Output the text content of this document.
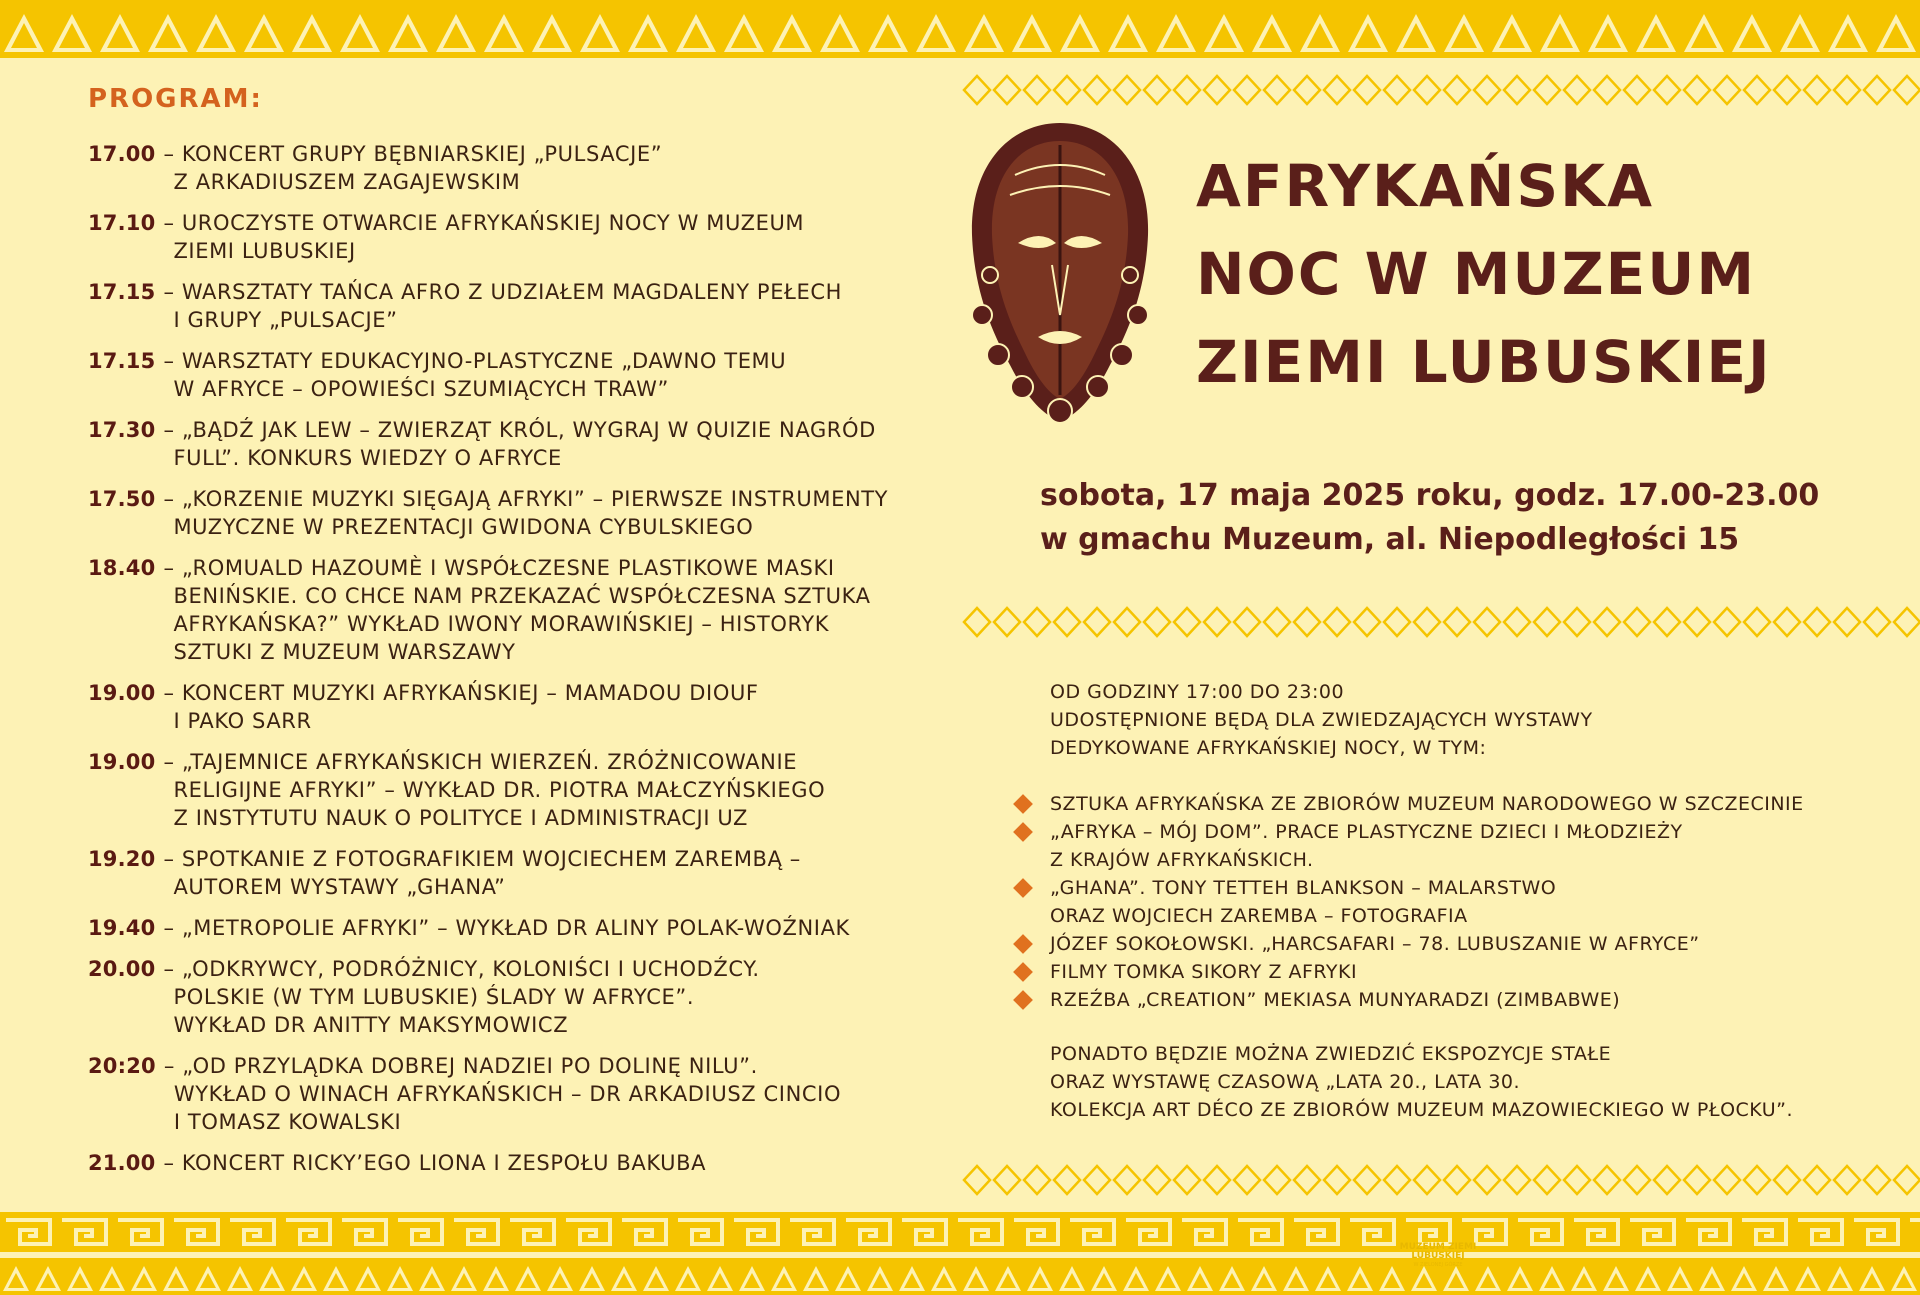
PROGRAM:
17.00 – KONCERT GRUPY BĘBNIARSKIEJ „PULSACJE”
Z ARKADIUSZEM ZAGAJEWSKIM
17.10 – UROCZYSTE OTWARCIE AFRYKAŃSKIEJ NOCY W MUZEUM
ZIEMI LUBUSKIEJ
17.15 – WARSZTATY TAŃCA AFRO Z UDZIAŁEM MAGDALENY PEŁECH
I GRUPY „PULSACJE”
17.15 – WARSZTATY EDUKACYJNO-PLASTYCZNE „DAWNO TEMU
W AFRYCE – OPOWIEŚCI SZUMIĄCYCH TRAW”
17.30 – „BĄDŹ JAK LEW – ZWIERZĄT KRÓL, WYGRAJ W QUIZIE NAGRÓD
FULL”. KONKURS WIEDZY O AFRYCE
17.50 – „KORZENIE MUZYKI SIĘGAJĄ AFRYKI” – PIERWSZE INSTRUMENTY
MUZYCZNE W PREZENTACJI GWIDONA CYBULSKIEGO
18.40 – „ROMUALD HAZOUMÈ I WSPÓŁCZESNE PLASTIKOWE MASKI
BENIŃSKIE. CO CHCE NAM PRZEKAZAĆ WSPÓŁCZESNA SZTUKA
AFRYKAŃSKA?” WYKŁAD IWONY MORAWIŃSKIEJ – HISTORYK
SZTUKI Z MUZEUM WARSZAWY
19.00 – KONCERT MUZYKI AFRYKAŃSKIEJ – MAMADOU DIOUF
I PAKO SARR
19.00 – „TAJEMNICE AFRYKAŃSKICH WIERZEŃ. ZRÓŻNICOWANIE
RELIGIJNE AFRYKI” – WYKŁAD DR. PIOTRA MAŁCZYŃSKIEGO
Z INSTYTUTU NAUK O POLITYCE I ADMINISTRACJI UZ
19.20 – SPOTKANIE Z FOTOGRAFIKIEM WOJCIECHEM ZAREMBĄ –
AUTOREM WYSTAWY „GHANA”
19.40 – „METROPOLIE AFRYKI” – WYKŁAD DR ALINY POLAK-WOŹNIAK
20.00 – „ODKRYWCY, PODRÓŻNICY, KOLONIŚCI I UCHODŹCY.
POLSKIE (W TYM LUBUSKIE) ŚLADY W AFRYCE”.
WYKŁAD DR ANITTY MAKSYMOWICZ
20:20 – „OD PRZYLĄDKA DOBREJ NADZIEI PO DOLINĘ NILU”.
WYKŁAD O WINACH AFRYKAŃSKICH – DR ARKADIUSZ CINCIO
I TOMASZ KOWALSKI
21.00 – KONCERT RICKY’EGO LIONA I ZESPOŁU BAKUBA
AFRYKAŃSKA
NOC W MUZEUM
ZIEMI LUBUSKIEJ
sobota, 17 maja 2025 roku, godz. 17.00-23.00
w gmachu Muzeum, al. Niepodległości 15
OD GODZINY 17:00 DO 23:00
UDOSTĘPNIONE BĘDĄ DLA ZWIEDZAJĄCYCH WYSTAWY
DEDYKOWANE AFRYKAŃSKIEJ NOCY, W TYM:
SZTUKA AFRYKAŃSKA ZE ZBIORÓW MUZEUM NARODOWEGO W SZCZECINIE
„AFRYKA – MÓJ DOM”. PRACE PLASTYCZNE DZIECI I MŁODZIEŻY
Z KRAJÓW AFRYKAŃSKICH.
„GHANA”. TONY TETTEH BLANKSON – MALARSTWO
ORAZ WOJCIECH ZAREMBA – FOTOGRAFIA
JÓZEF SOKOŁOWSKI. „HARCSAFARI – 78. LUBUSZANIE W AFRYCE”
FILMY TOMKA SIKORY Z AFRYKI
RZEŹBA „CREATION” MEKIASA MUNYARADZI (ZIMBABWE)
PONADTO BĘDZIE MOŻNA ZWIEDZIĆ EKSPOZYCJE STAŁE
ORAZ WYSTAWĘ CZASOWĄ „LATA 20., LATA 30.
KOLEKCJA ART DÉCO ZE ZBIORÓW MUZEUM MAZOWIECKIEGO W PŁOCKU”.
MUZEUM ZIEMI LUBUSKIEJ
W ZIELONEJ GÓRZE
